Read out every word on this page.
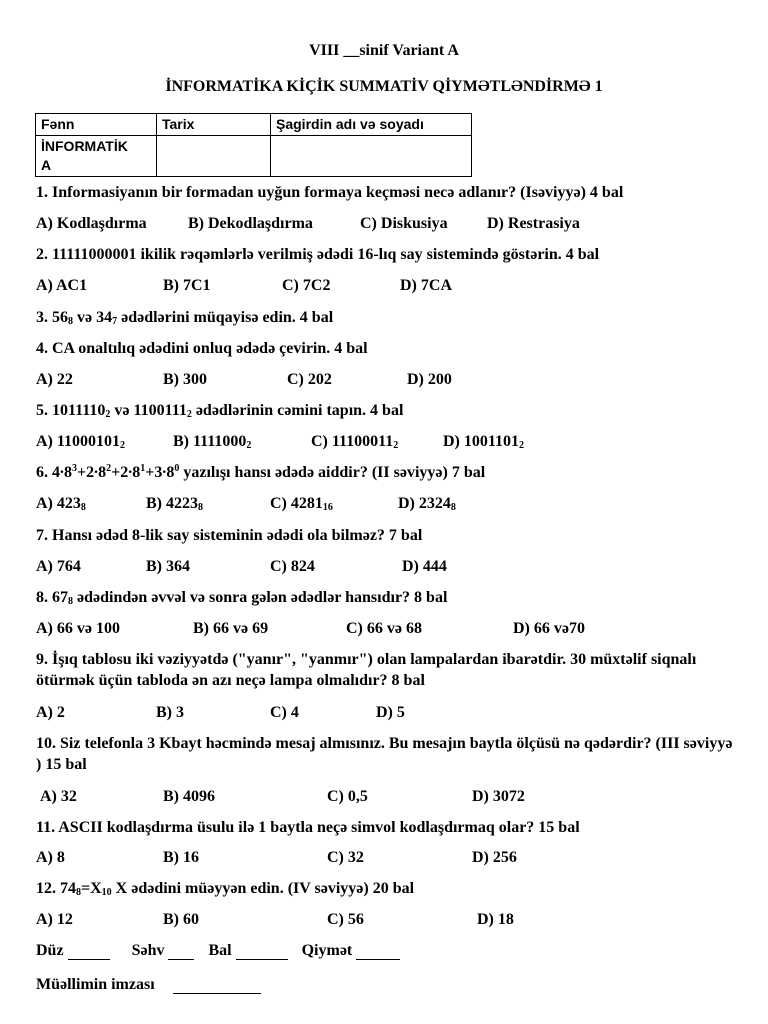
VIII __sinif Variant A
İNFORMATİKA KİÇİK SUMMATİV QİYMƏTLƏNDİRMƏ 1
Fənn	Tarix	Şagirdin adı və soyadı

İNFORMATİK
A		

1. Informasiyanın bir formadan uyğun formaya keçməsi necə adlanır? (Isəviyyə) 4 bal
A) Kodlaşdırma	B) Dekodlaşdırma	C) Diskusiya D) Restrasiya
2. 11111000001 ikilik rəqəmlərlə verilmiş ədədi 16-lıq say sistemində göstərin. 4 bal
A) AC1	B) 7C1	C) 7C2	D) 7CA
3. $56_8$ və $34_7$ ədədlərini müqayisə edin. 4 bal
4. CA onaltılıq ədədini onluq ədədə çevirin. 4 bal
A) 22	B) 300	C) 202	D) 200
5. $1011110_2$ və $1100111_2$ ədədlərinin cəmini tapın. 4 bal
A) $11000101_2$	B) $1111000_2$	C) $11100011_2$	D) $1001101_2$
6. $4\cdot 8^3+2\cdot 8^2+2\cdot 8^1+3\cdot 8^0$ yazılışı hansı ədədə aiddir? (II səviyyə) 7 bal
A) $423_8$	B) $4223_8$	C) $4281_{16}$	D) $2324_8$
7. Hansı ədəd 8-lik say sisteminin ədədi ola bilməz? 7 bal
A) 764	B) 364	C) 824	D) 444
8. $67_8$ ədədindən əvvəl və sonra gələn ədədlər hansıdır? 8 bal
A) 66 və 100	B) 66 və 69	C) 66 və 68	D) 66 və70
9. İşıq tablosu iki vəziyyətdə ("yanır", "yanmır") olan lampalardan ibarətdir. 30 müxtəlif siqnalı ötürmək üçün tabloda ən azı neçə lampa olmalıdır? 8 bal
A) 2	B) 3	C) 4	D) 5
10. Siz telefonla 3 Kbayt həcmində mesaj almısınız. Bu mesajın baytla ölçüsü nə qədərdir? (III səviyyə ) 15 bal
A) 32	B) 4096	C) 0,5	D) 3072
11. ASCII kodlaşdırma üsulu ilə 1 baytla neçə simvol kodlaşdırmaq olar? 15 bal
A) 8	B) 16	C) 32	D) 256
12. $74_8=X_{10}$ X ədədini müəyyən edin. (IV səviyyə) 20 bal
A) 12	B) 60	C) 56	D) 18
Düz	Səhv	Bal	Qiymət
Müəllimin imzası
